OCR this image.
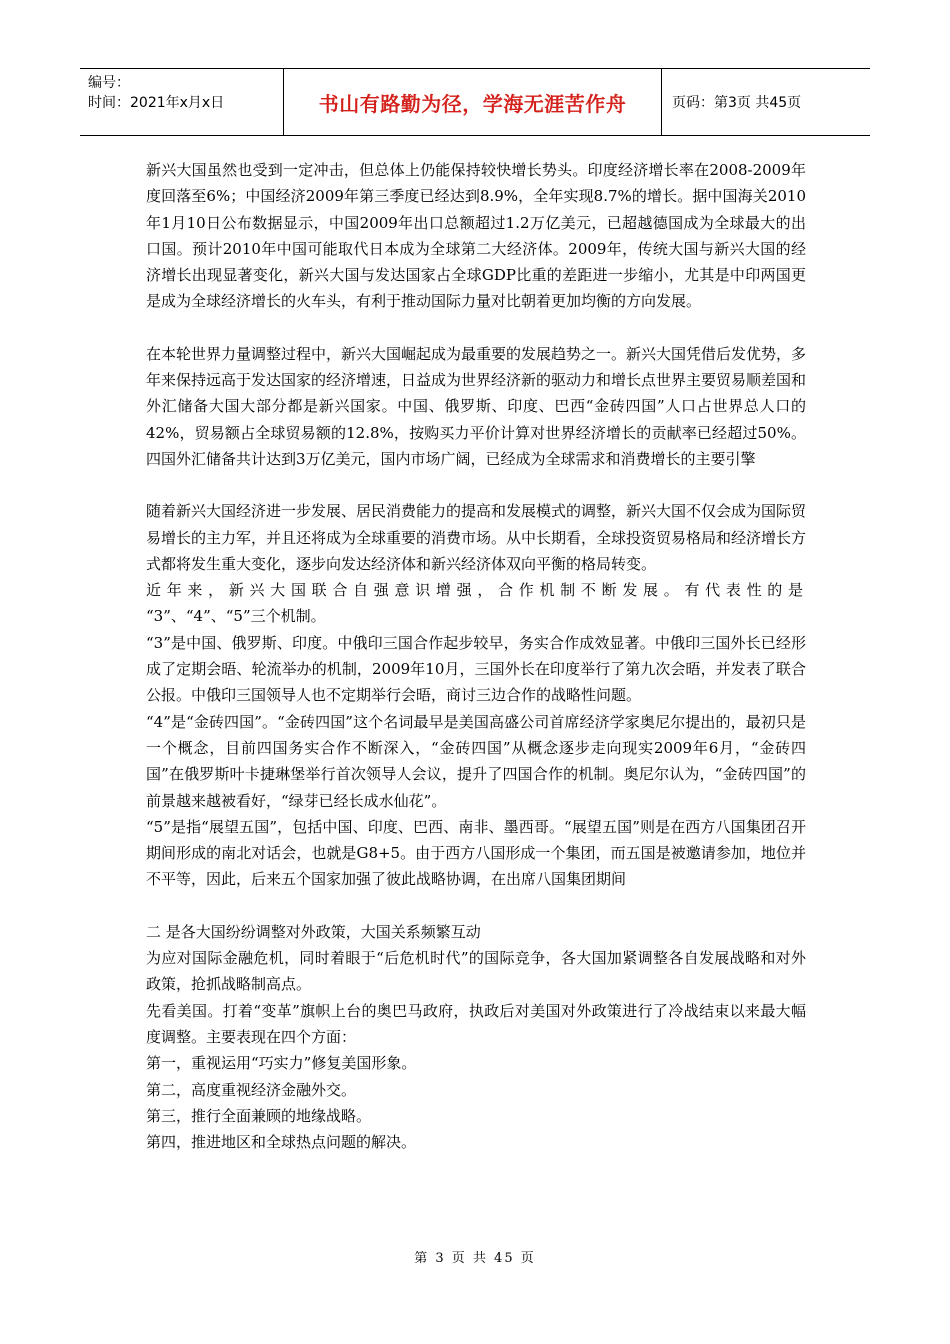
编号：
时间：2021年x月x日	书山有路勤为径，学海无涯苦作舟	页码：第3页 共45页

新兴大国虽然也受到一定冲击，但总体上仍能保持较快增长势头。印度经济增长率在2008-2009年度回落至6%；中国经济2009年第三季度已经达到8.9%，全年实现8.7%的增长。据中国海关2010年1月10日公布数据显示，中国2009年出口总额超过1.2万亿美元，已超越德国成为全球最大的出口国。预计2010年中国可能取代日本成为全球第二大经济体。2009年，传统大国与新兴大国的经济增长出现显著变化，新兴大国与发达国家占全球GDP比重的差距进一步缩小，尤其是中印两国更是成为全球经济增长的火车头，有利于推动国际力量对比朝着更加均衡的方向发展。

在本轮世界力量调整过程中，新兴大国崛起成为最重要的发展趋势之一。新兴大国凭借后发优势，多年来保持远高于发达国家的经济增速，日益成为世界经济新的驱动力和增长点世界主要贸易顺差国和外汇储备大国大部分都是新兴国家。中国、俄罗斯、印度、巴西“金砖四国”人口占世界总人口的42%，贸易额占全球贸易额的12.8%，按购买力平价计算对世界经济增长的贡献率已经超过50%。四国外汇储备共计达到3万亿美元，国内市场广阔，已经成为全球需求和消费增长的主要引擎

随着新兴大国经济进一步发展、居民消费能力的提高和发展模式的调整，新兴大国不仅会成为国际贸易增长的主力军，并且还将成为全球重要的消费市场。从中长期看，全球投资贸易格局和经济增长方式都将发生重大变化，逐步向发达经济体和新兴经济体双向平衡的格局转变。

近年来，新兴大国联合自强意识增强，合作机制不断发展。有代表性的是

“3”、“4”、“5”三个机制。

“3”是中国、俄罗斯、印度。中俄印三国合作起步较早，务实合作成效显著。中俄印三国外长已经形成了定期会晤、轮流举办的机制，2009年10月，三国外长在印度举行了第九次会晤，并发表了联合公报。中俄印三国领导人也不定期举行会晤，商讨三边合作的战略性问题。

“4”是“金砖四国”。“金砖四国”这个名词最早是美国高盛公司首席经济学家奥尼尔提出的，最初只是一个概念，目前四国务实合作不断深入，“金砖四国”从概念逐步走向现实2009年6月，“金砖四国”在俄罗斯叶卡捷琳堡举行首次领导人会议，提升了四国合作的机制。奥尼尔认为，“金砖四国”的前景越来越被看好，“绿芽已经长成水仙花”。

“5”是指“展望五国”，包括中国、印度、巴西、南非、墨西哥。“展望五国”则是在西方八国集团召开期间形成的南北对话会，也就是G8+5。由于西方八国形成一个集团，而五国是被邀请参加，地位并不平等，因此，后来五个国家加强了彼此战略协调，在出席八国集团期间

二 是各大国纷纷调整对外政策，大国关系频繁互动

为应对国际金融危机，同时着眼于“后危机时代”的国际竞争，各大国加紧调整各自发展战略和对外政策，抢抓战略制高点。

先看美国。打着“变革”旗帜上台的奥巴马政府，执政后对美国对外政策进行了冷战结束以来最大幅度调整。主要表现在四个方面：

第一，重视运用“巧实力”修复美国形象。

第二，高度重视经济金融外交。

第三，推行全面兼顾的地缘战略。

第四，推进地区和全球热点问题的解决。

第 3 页 共 45 页
